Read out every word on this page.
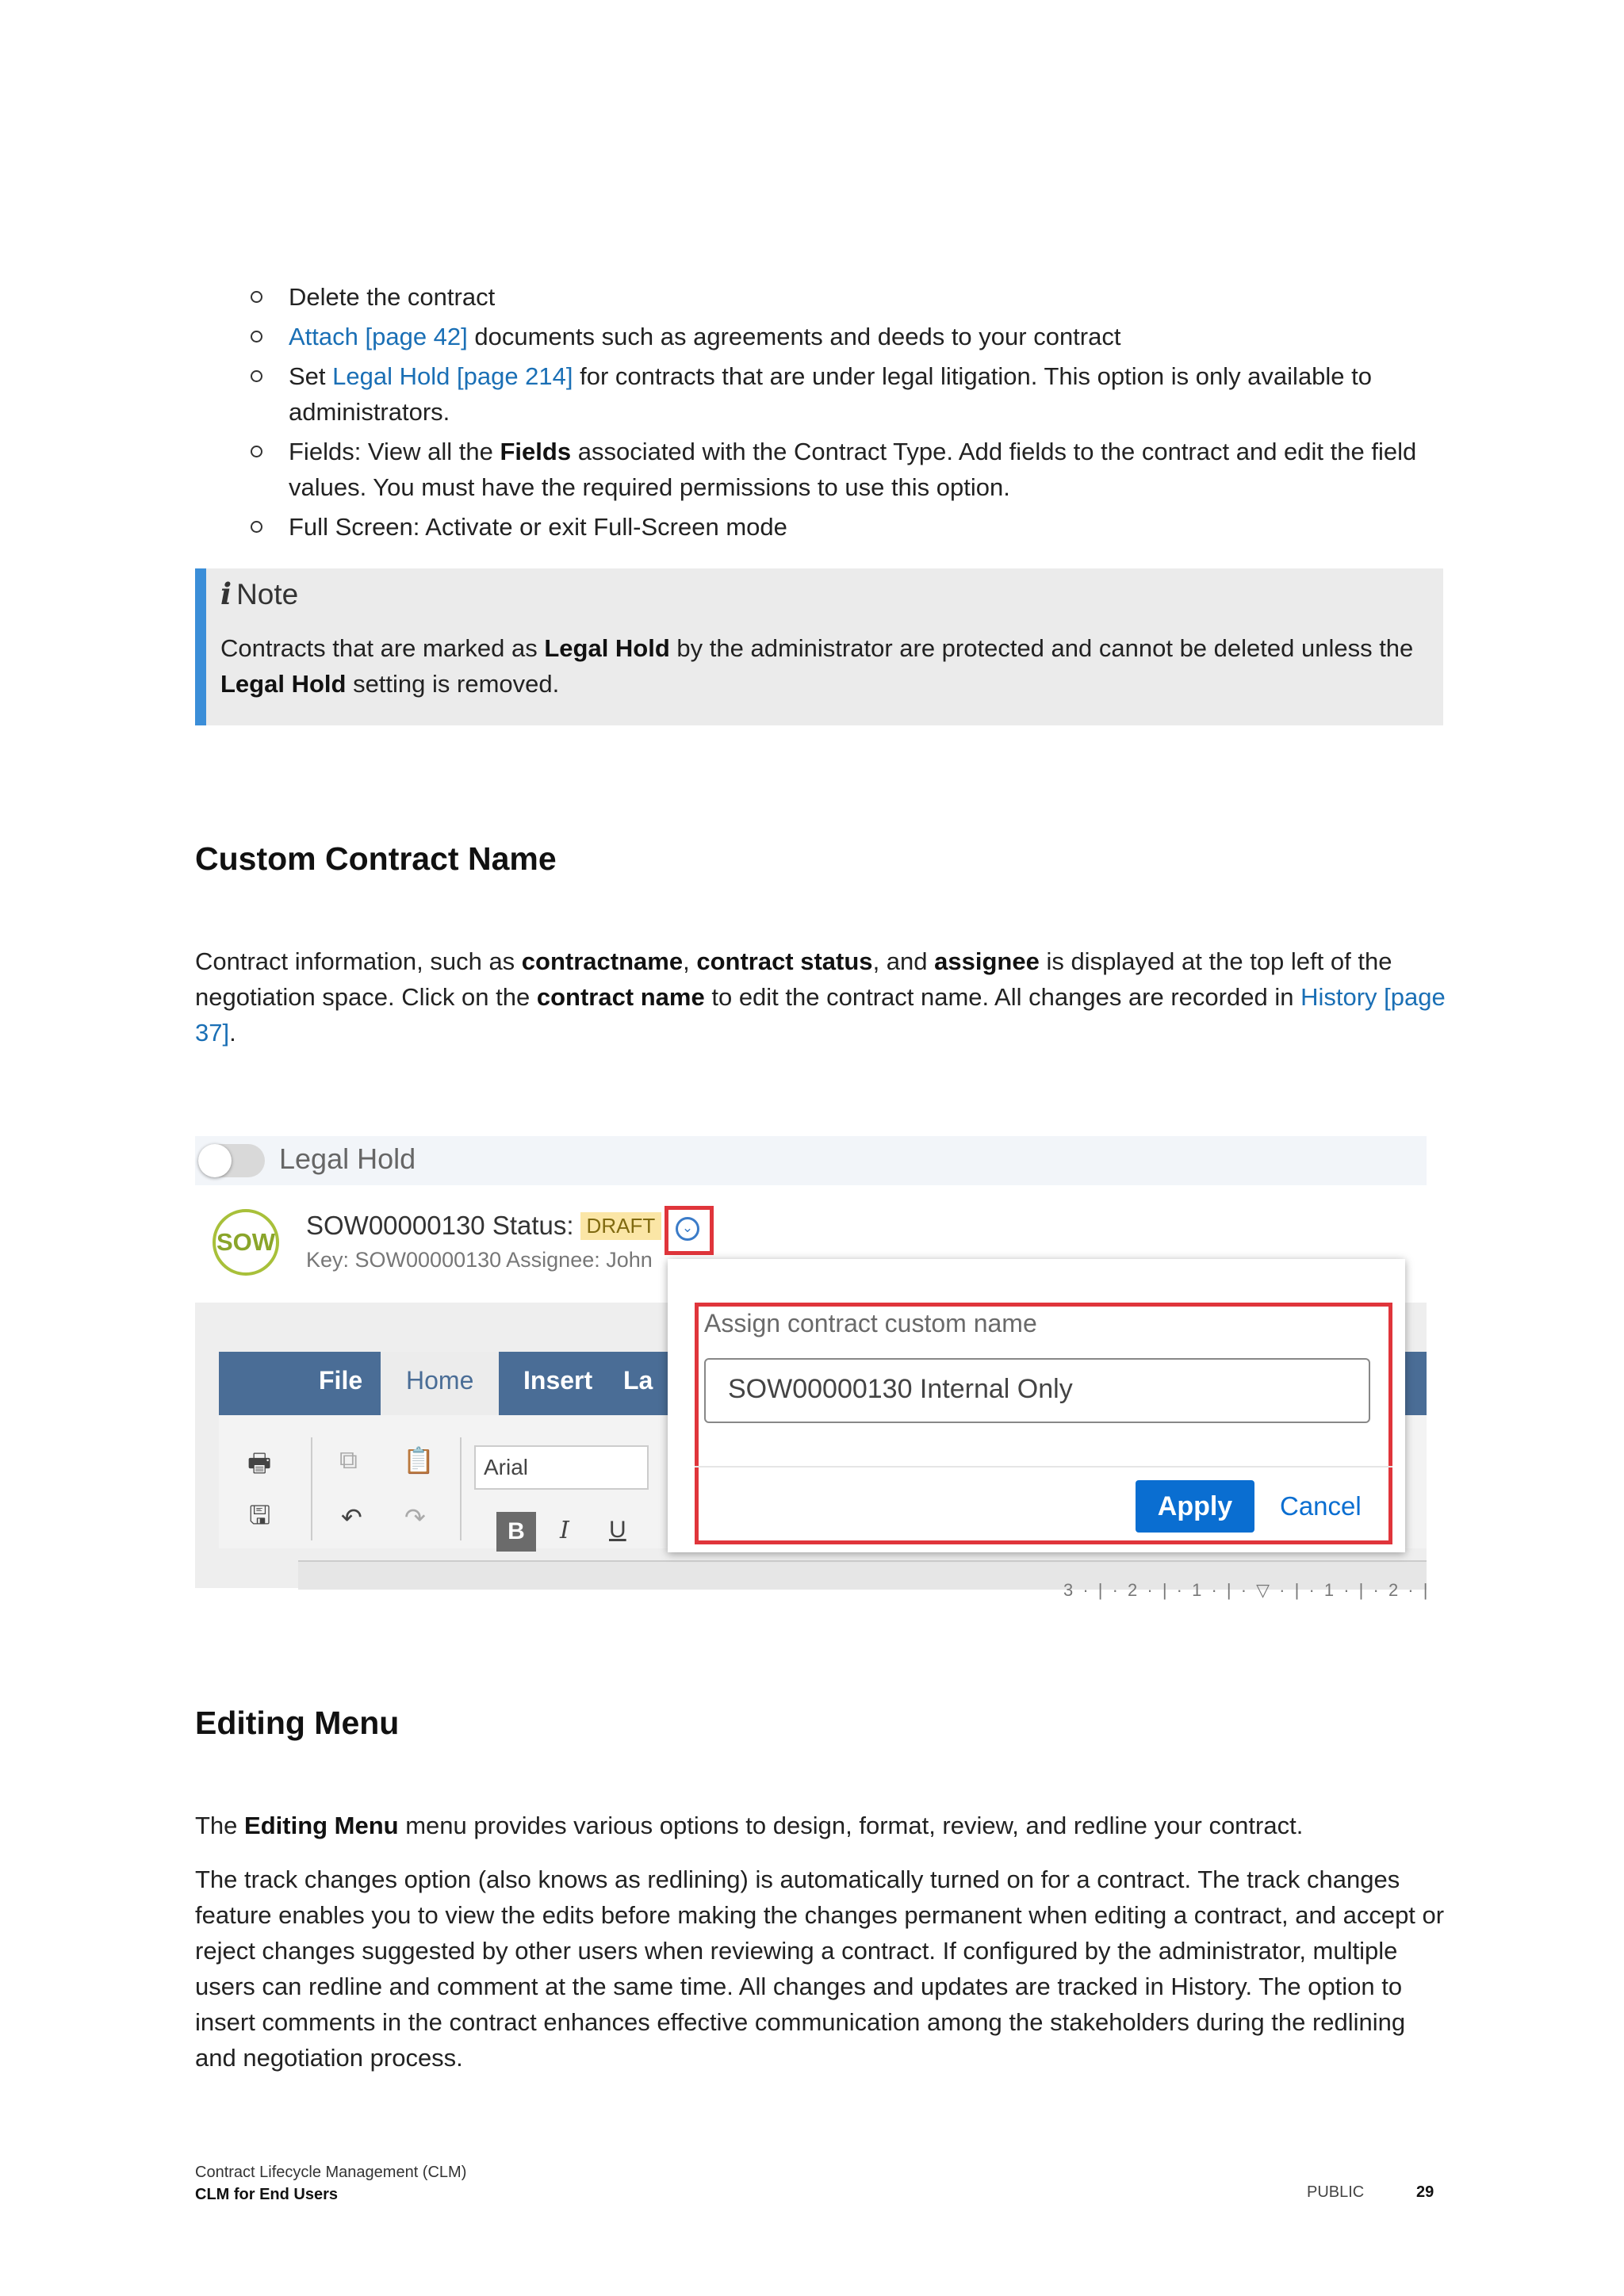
Delete the contract
Attach [page 42] documents such as agreements and deeds to your contract
Set Legal Hold [page 214] for contracts that are under legal litigation. This option is only available to administrators.
Fields: View all the Fields associated with the Contract Type. Add fields to the contract and edit the field values. You must have the required permissions to use this option.
Full Screen: Activate or exit Full-Screen mode
i Note
Contracts that are marked as Legal Hold by the administrator are protected and cannot be deleted unless the Legal Hold setting is removed.
Custom Contract Name

Contract information, such as contractname, contract status, and assignee is displayed at the top left of the negotiation space. Click on the contract name to edit the contract name. All changes are recorded in History [page 37].

Legal Hold
SOW
SOW00000130 Status: DRAFT
Key: SOW00000130 Assignee: John
⌄
File	Home	Insert La
🖶
🖫
⧉ 📋
↶ ↷
Arial
B	I U
3 · | · 2 · | · 1 · | · ▽ · | · 1 · | · 2 · |
Assign contract custom name
SOW00000130 Internal Only
Apply	Cancel
Editing Menu

The Editing Menu menu provides various options to design, format, review, and redline your contract.

The track changes option (also knows as redlining) is automatically turned on for a contract. The track changes feature enables you to view the edits before making the changes permanent when editing a contract, and accept or reject changes suggested by other users when reviewing a contract. If configured by the administrator, multiple users can redline and comment at the same time. All changes and updates are tracked in History. The option to insert comments in the contract enhances effective communication among the stakeholders during the redlining and negotiation process.

Contract Lifecycle Management (CLM)
CLM for End Users	PUBLIC	29
